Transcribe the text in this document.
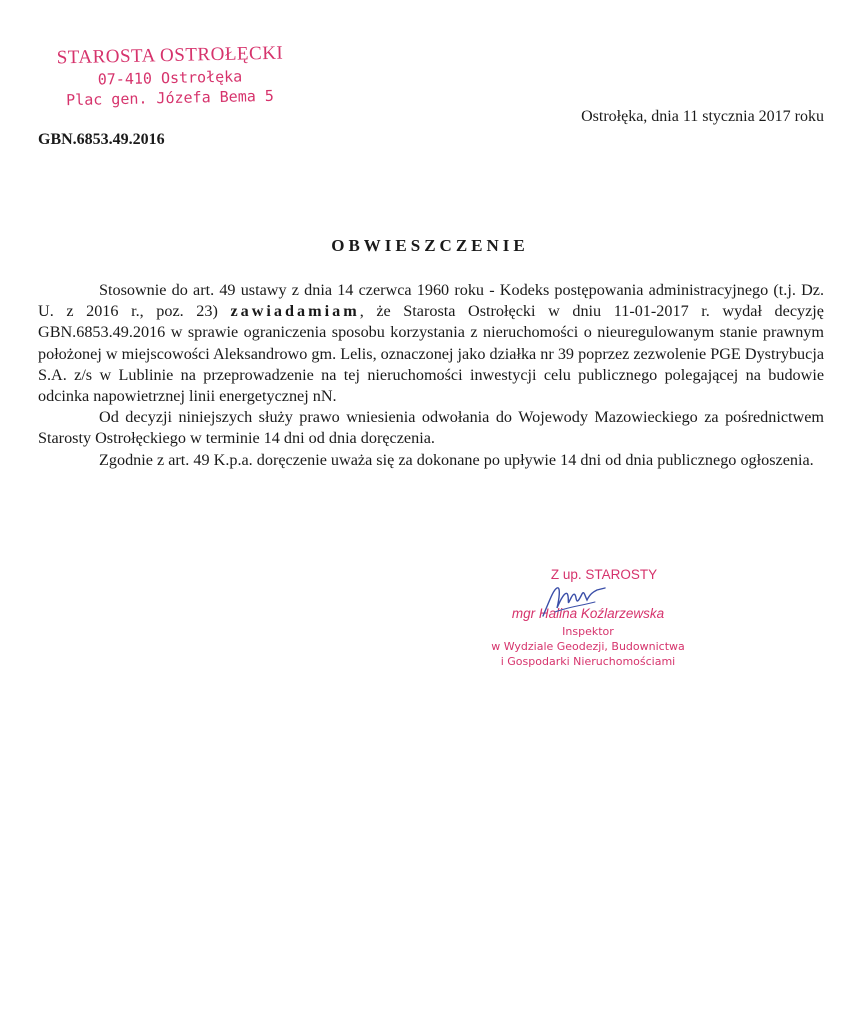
STAROSTA OSTROŁĘCKI
07-410 Ostrołęka
Plac gen. Józefa Bema 5
GBN.6853.49.2016
Ostrołęka, dnia 11 stycznia 2017 roku
OBWIESZCZENIE

Stosownie do art. 49 ustawy z dnia 14 czerwca 1960 roku - Kodeks postępowania administracyjnego (t.j. Dz. U. z 2016 r., poz. 23) zawiadamiam, że Starosta Ostrołęcki w dniu 11-01-2017 r. wydał decyzję GBN.6853.49.2016 w sprawie ograniczenia sposobu korzystania z nieruchomości o nieuregulowanym stanie prawnym położonej w miejscowości Aleksandrowo gm. Lelis, oznaczonej jako działka nr 39 poprzez zezwolenie PGE Dystrybucja S.A. z/s w Lublinie na przeprowadzenie na tej nieruchomości inwestycji celu publicznego polegającej na budowie odcinka napowietrznej linii energetycznej nN.

Od decyzji niniejszych służy prawo wniesienia odwołania do Wojewody Mazowieckiego za pośrednictwem Starosty Ostrołęckiego w terminie 14 dni od dnia doręczenia.

Zgodnie z art. 49 K.p.a. doręczenie uważa się za dokonane po upływie 14 dni od dnia publicznego ogłoszenia.

Z up. STAROSTY
mgr Halina Koźlarzewska
Inspektor
w Wydziale Geodezji, Budownictwa
i Gospodarki Nieruchomościami
